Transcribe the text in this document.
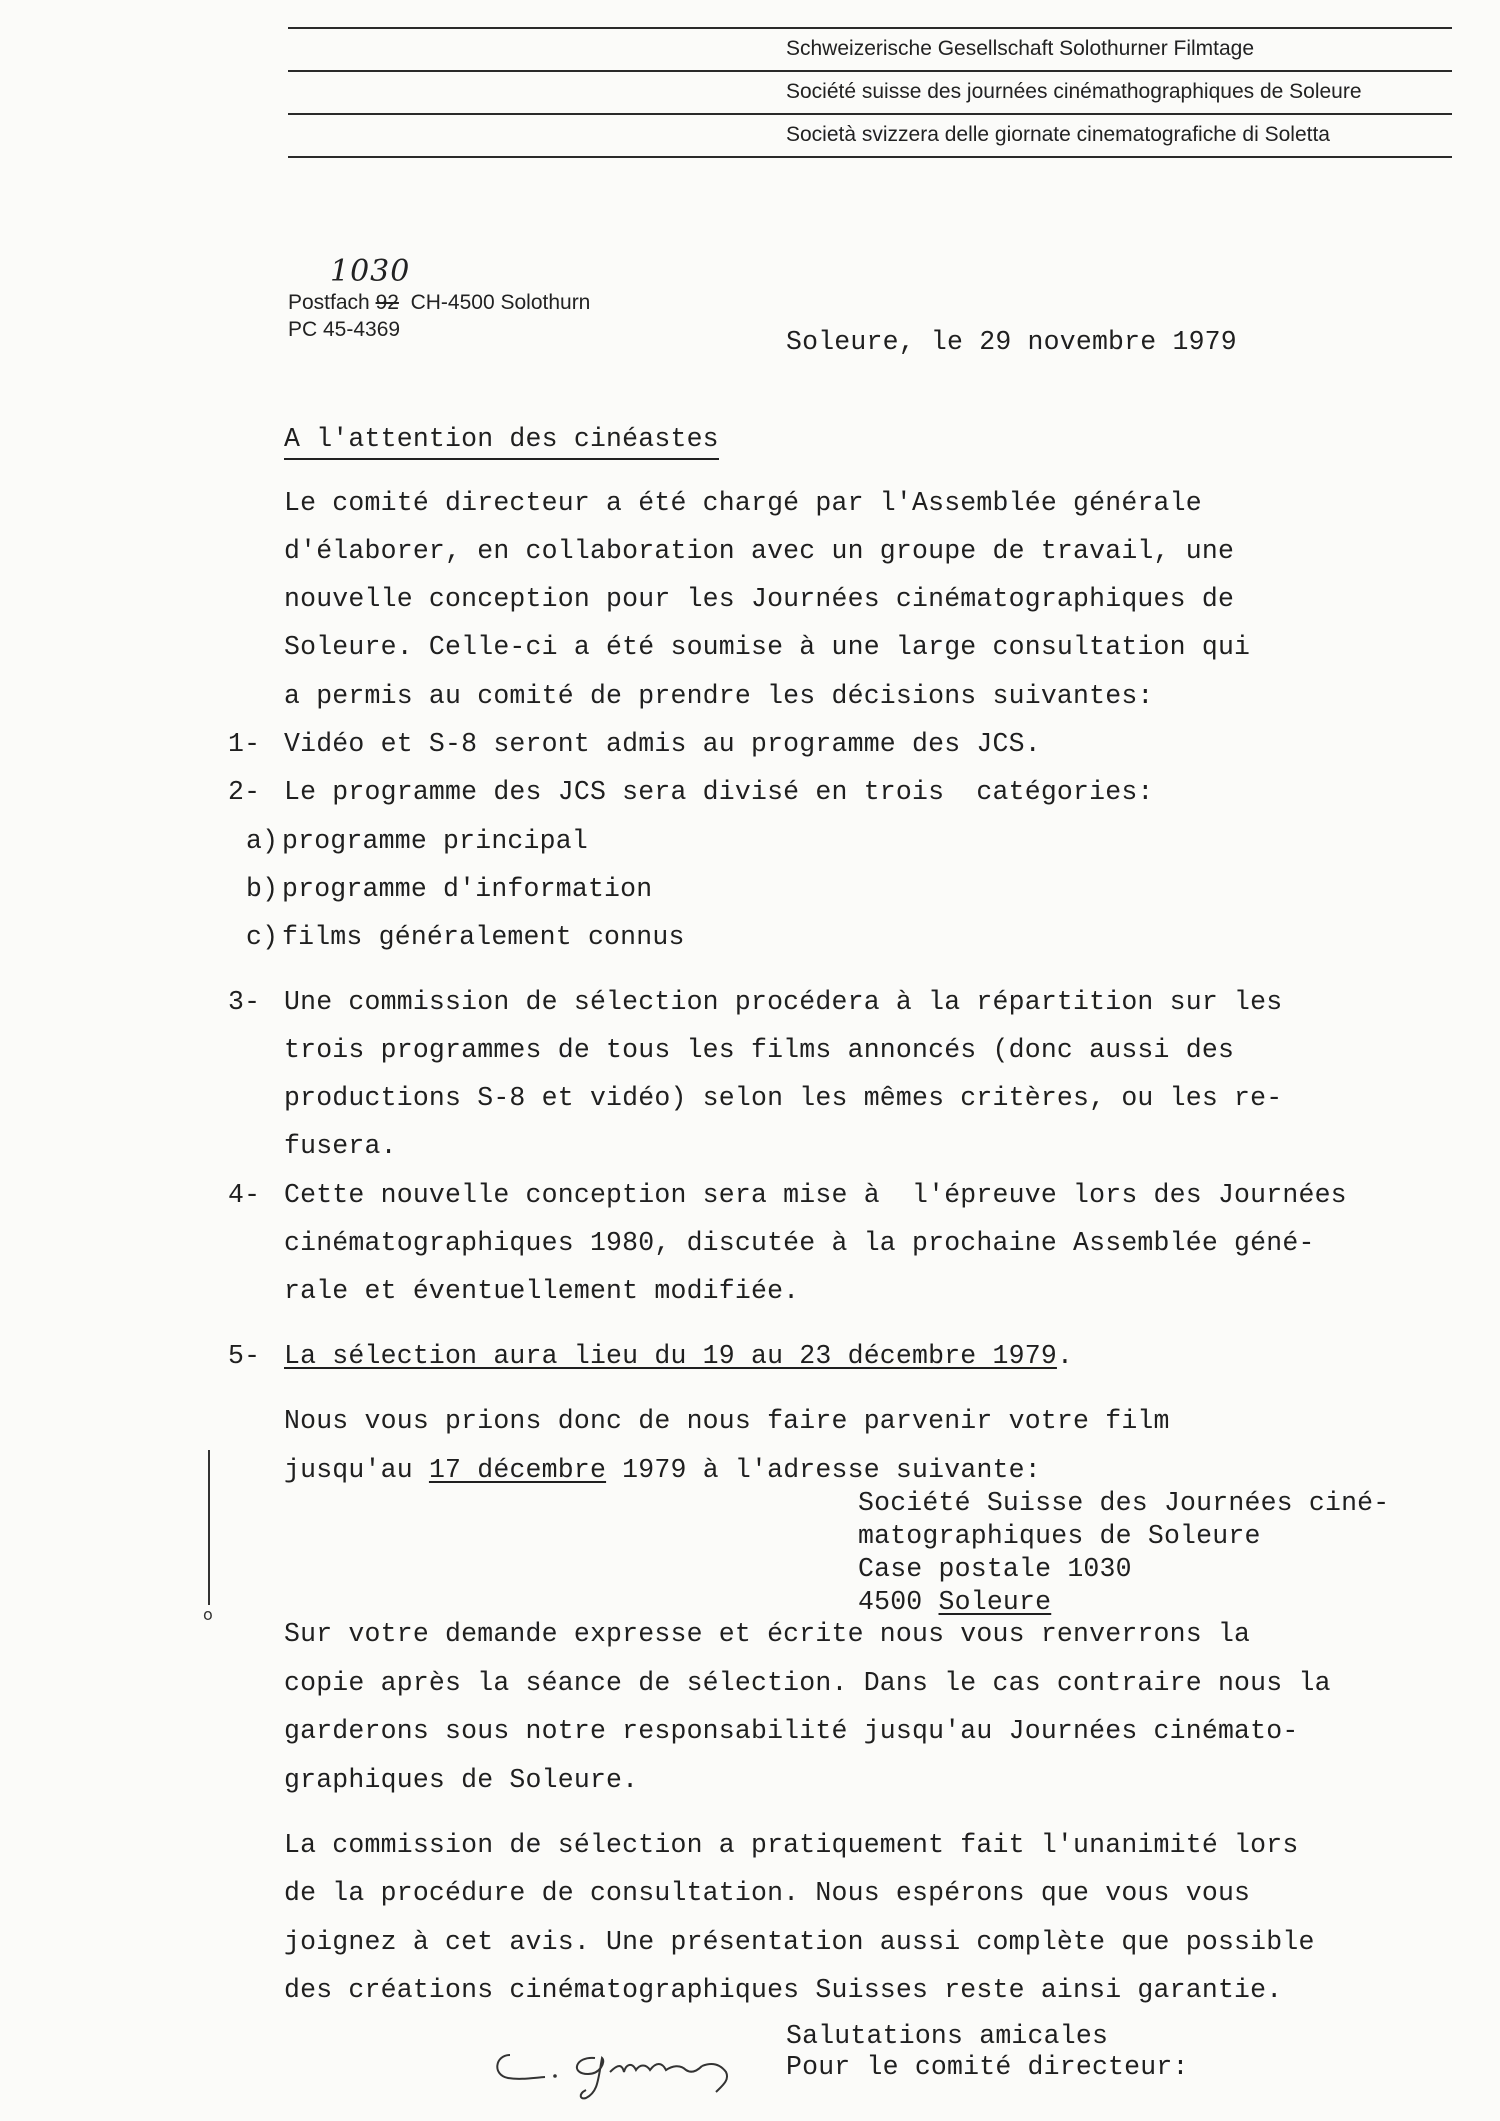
Schweizerische Gesellschaft Solothurner Filmtage
Société suisse des journées cinémathographiques de Soleure
Società svizzera delle giornate cinematografiche di Soletta
1030
Postfach 92 CH-4500 Solothurn
PC 45-4369	Soleure, le 29 novembre 1979
A l'attention des cinéastes
Le comité directeur a été chargé par l'Assemblée générale
d'élaborer, en collaboration avec un groupe de travail, une
nouvelle conception pour les Journées cinématographiques de
Soleure. Celle-ci a été soumise à une large consultation qui
a permis au comité de prendre les décisions suivantes:
1- Vidéo et S-8 seront admis au programme des JCS.
2- Le programme des JCS sera divisé en trois  catégories:
a) programme principal
b) programme d'information
c) films généralement connus
3- Une commission de sélection procédera à la répartition sur les
trois programmes de tous les films annoncés (donc aussi des
productions S-8 et vidéo) selon les mêmes critères, ou les re-
fusera.
4- Cette nouvelle conception sera mise à  l'épreuve lors des Journées
cinématographiques 1980, discutée à la prochaine Assemblée géné-
rale et éventuellement modifiée.
5- La sélection aura lieu du 19 au 23 décembre 1979.
Nous vous prions donc de nous faire parvenir votre film
jusqu'au 17 décembre 1979 à l'adresse suivante:
Société Suisse des Journées ciné-
matographiques de Soleure
Case postale 1030
4500 Soleure
o
Sur votre demande expresse et écrite nous vous renverrons la
copie après la séance de sélection. Dans le cas contraire nous la
garderons sous notre responsabilité jusqu'au Journées cinémato-
graphiques de Soleure.
La commission de sélection a pratiquement fait l'unanimité lors
de la procédure de consultation. Nous espérons que vous vous
joignez à cet avis. Une présentation aussi complète que possible
des créations cinématographiques Suisses reste ainsi garantie.
Salutations amicales
Pour le comité directeur:
